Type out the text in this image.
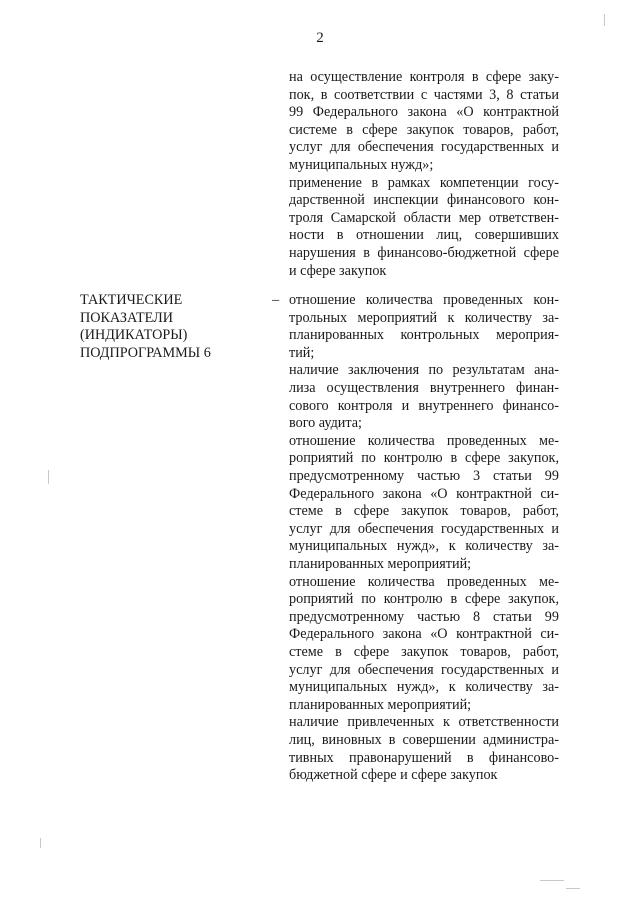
2
на осуществление контроля в сфере заку-
пок, в соответствии с частями 3, 8 статьи
99 Федерального закона «О контрактной
системе в сфере закупок товаров, работ,
услуг для обеспечения государственных и
муниципальных нужд»;
применение в рамках компетенции госу-
дарственной инспекции финансового кон-
троля Самарской области мер ответствен-
ности в отношении лиц, совершивших
нарушения в финансово-бюджетной сфере
и сфере закупок
ТАКТИЧЕСКИЕ
ПОКАЗАТЕЛИ
(ИНДИКАТОРЫ)
ПОДПРОГРАММЫ 6
– отношение количества проведенных кон-
трольных мероприятий к количеству за-
планированных контрольных мероприя-
тий;
наличие заключения по результатам ана-
лиза осуществления внутреннего финан-
сового контроля и внутреннего финансо-
вого аудита;
отношение количества проведенных ме-
роприятий по контролю в сфере закупок,
предусмотренному частью 3 статьи 99
Федерального закона «О контрактной си-
стеме в сфере закупок товаров, работ,
услуг для обеспечения государственных и
муниципальных нужд», к количеству за-
планированных мероприятий;
отношение количества проведенных ме-
роприятий по контролю в сфере закупок,
предусмотренному частью 8 статьи 99
Федерального закона «О контрактной си-
стеме в сфере закупок товаров, работ,
услуг для обеспечения государственных и
муниципальных нужд», к количеству за-
планированных мероприятий;
наличие привлеченных к ответственности
лиц, виновных в совершении администра-
тивных правонарушений в финансово-
бюджетной сфере и сфере закупок
